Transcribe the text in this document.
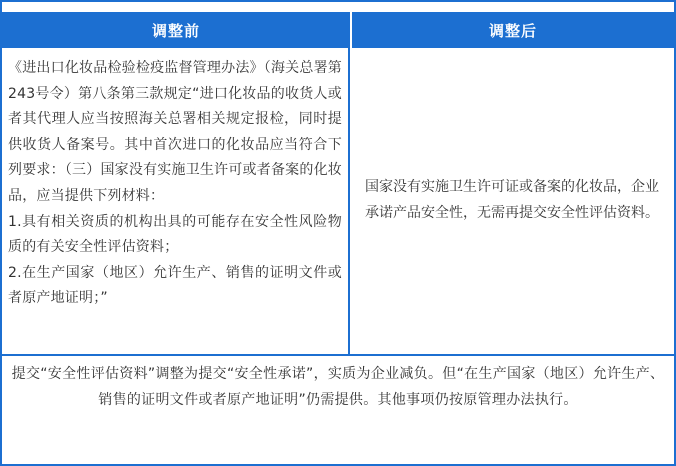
调整前	调整后

《进出口化妆品检验检疫监督管理办法》（海关总署第243号令）第八条第三款规定“进口化妆品的收货人或者其代理人应当按照海关总署相关规定报检，同时提供收货人备案号。其中首次进口的化妆品应当符合下列要求：（三）国家没有实施卫生许可或者备案的化妆品，应当提供下列材料：

1.具有相关资质的机构出具的可能存在安全性风险物质的有关安全性评估资料；

2.在生产国家（地区）允许生产、销售的证明文件或者原产地证明；”

国家没有实施卫生许可证或备案的化妆品，企业承诺产品安全性，无需再提交安全性评估资料。

提交“安全性评估资料”调整为提交“安全性承诺”，实质为企业减负。但“在生产国家（地区）允许生产、销售的证明文件或者原产地证明”仍需提供。其他事项仍按原管理办法执行。
